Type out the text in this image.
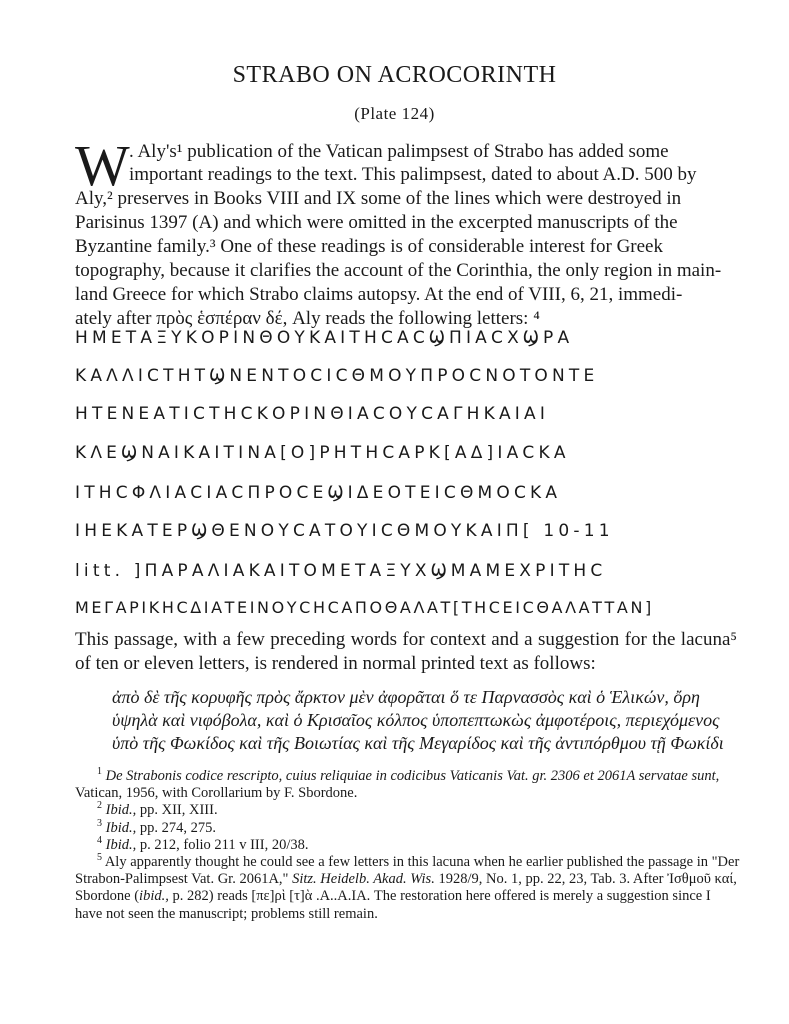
STRABO ON ACROCORINTH
(Plate 124)
W . Aly's¹ publication of the Vatican palimpsest of Strabo has added some
important readings to the text. This palimpsest, dated to about A.D. 500 by
Aly,² preserves in Books VIII and IX some of the lines which were destroyed in
Parisinus 1397 (A) and which were omitted in the excerpted manuscripts of the
Byzantine family.³ One of these readings is of considerable interest for Greek
topography, because it clarifies the account of the Corinthia, the only region in main-
land Greece for which Strabo claims autopsy. At the end of VIII, 6, 21, immedi-
ately after πρὸς ἑσπέραν δέ, Aly reads the following letters: ⁴
ΗΜΕΤΑΞΥΚΟΡΙΝΘΟΥΚΑΙΤΗCΑCϢΠΙΑCΧϢΡΑ
ΚΑΛΛΙCΤΗΤϢΝΕΝΤΟCΙCΘΜΟΥΠΡΟCΝΟΤΟΝΤΕ
ΗΤΕΝΕΑΤΙCΤΗCΚΟΡΙΝΘΙΑCΟΥCΑΓΗΚΑΙΑΙ
ΚΛΕϢΝΑΙΚΑΙΤΙΝΑ[Ο]ΡΗΤΗCΑΡΚ[ΑΔ]ΙΑCΚΑ
ΙΤΗCΦΛΙΑCΙΑCΠΡΟCΕϢΙΔΕΟΤΕΙCΘΜΟCΚΑ
ΙΗΕΚΑΤΕΡϢΘΕΝΟΥCΑΤΟΥΙCΘΜΟΥΚΑΙΠ[ 10-11
litt. ]ΠΑΡΑΛΙΑΚΑΙΤΟΜΕΤΑΞΥΧϢΜΑΜΕΧΡΙΤΗC
ΜΕΓΑΡΙΚΗCΔΙΑΤΕΙΝΟΥCΗCΑΠΟΘΑΛΑΤ[ΤΗCΕΙCΘΑΛΑΤΤΑΝ]
This passage, with a few preceding words for context and a suggestion for the lacuna⁵ of ten or eleven letters, is rendered in normal printed text as follows:
ἀπὸ δὲ τῆς κορυφῆς πρὸς ἄρκτον μὲν ἀφορᾶται ὅ τε Παρνασσὸς καὶ ὁ Ἑλικών, ὄρη
ὑψηλὰ καὶ νιφόβολα, καὶ ὁ Κρισαῖος κόλπος ὑποπεπτωκὼς ἀμφοτέροις, περιεχόμενος
ὑπὸ τῆς Φωκίδος καὶ τῆς Βοιωτίας καὶ τῆς Μεγαρίδος καὶ τῆς ἀντιπόρθμου τῇ Φωκίδι
$^1$ De Strabonis codice rescripto, cuius reliquiae in codicibus Vaticanis Vat. gr. 2306 et 2061A servatae sunt, Vatican, 1956, with Corollarium by F. Sbordone.
$^2$ Ibid., pp. XII, XIII.
$^3$ Ibid., pp. 274, 275.
$^4$ Ibid., p. 212, folio 211 v III, 20/38.
$^5$ Aly apparently thought he could see a few letters in this lacuna when he earlier published the passage in "Der Strabon-Palimpsest Vat. Gr. 2061A," Sitz. Heidelb. Akad. Wis. 1928/9, No. 1, pp. 22, 23, Tab. 3. After Ἰσθμοῦ καί, Sbordone (ibid., p. 282) reads [πε]ρὶ [τ]ὰ .Α..Α.ΙΑ. The restoration here offered is merely a suggestion since I have not seen the manuscript; problems still remain.
